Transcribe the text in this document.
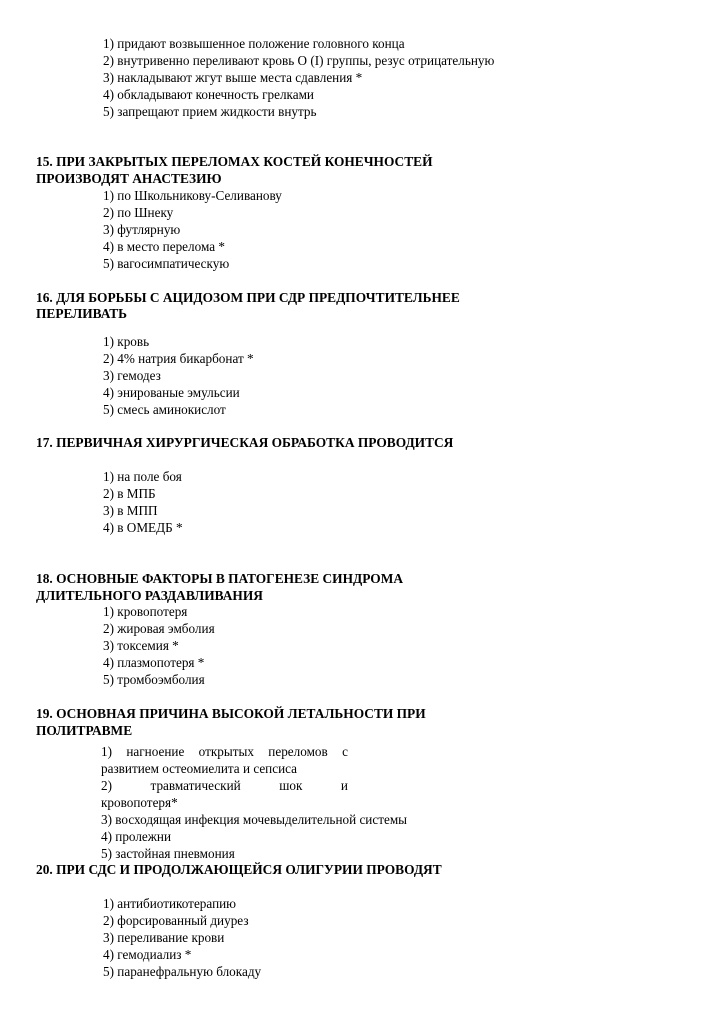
1) придают возвышенное положение головного конца
2) внутривенно переливают кровь О (I) группы, резус отрицательную
3) накладывают жгут выше места сдавления *
4) обкладывают конечность грелками
5) запрещают прием жидкости внутрь
15. ПРИ ЗАКРЫТЫХ ПЕРЕЛОМАХ КОСТЕЙ КОНЕЧНОСТЕЙ
ПРОИЗВОДЯТ АНАСТЕЗИЮ
1) по Школьникову-Селиванову
2) по Шнеку
3) футлярную
4) в место перелома *
5) вагосимпатическую
16. ДЛЯ БОРЬБЫ С АЦИДОЗОМ ПРИ СДР ПРЕДПОЧТИТЕЛЬНЕЕ
ПЕРЕЛИВАТЬ
1) кровь
2) 4% натрия бикарбонат *
3) гемодез
4) энированые эмульсии
5) смесь аминокислот
17. ПЕРВИЧНАЯ ХИРУРГИЧЕСКАЯ ОБРАБОТКА ПРОВОДИТСЯ
1) на поле боя
2) в МПБ
3) в МПП
4) в ОМЕДБ *
18. ОСНОВНЫЕ ФАКТОРЫ В ПАТОГЕНЕЗЕ СИНДРОМА
ДЛИТЕЛЬНОГО РАЗДАВЛИВАНИЯ
1) кровопотеря
2) жировая эмболия
3) токсемия *
4) плазмопотеря *
5) тромбоэмболия
19. ОСНОВНАЯ ПРИЧИНА ВЫСОКОЙ ЛЕТАЛЬНОСТИ ПРИ
ПОЛИТРАВМЕ
1) нагноение открытых переломов с
развитием остеомиелита и сепсиса
2)	травматический	шок	и
кровопотеря*
3) восходящая инфекция мочевыделительной системы
4) пролежни
5) застойная пневмония
20. ПРИ СДС И ПРОДОЛЖАЮЩЕЙСЯ ОЛИГУРИИ ПРОВОДЯТ
1) антибиотикотерапию
2) форсированный диурез
3) переливание крови
4) гемодиализ *
5) паранефральную блокаду
